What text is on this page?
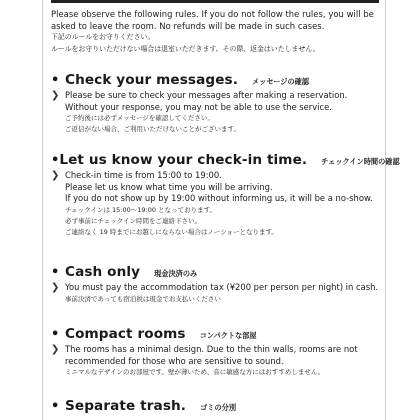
Please observe the following rules. If you do not follow the rules, you will be asked to leave the room. No refunds will be made in such cases.
下記のルールをお守りください。
ルールをお守りいただけない場合は退室いただきます。その際、返金はいたしません。
• Check your messages. メッセージの確認
❯ Please be sure to check your messages after making a reservation.
Without your response, you may not be able to use the service.
ご予約後には必ずメッセージを確認してください。
ご返信がない場合、ご利用いただけないことがございます。
• Let us know your check-in time. チェックイン時間の確認
❯ Check-in time is from 15:00 to 19:00.
Please let us know what time you will be arriving.
If you do not show up by 19:00 without informing us, it will be a no-show.
チェックインは 15:00〜19:00 となっております。
必ず事前にチェックイン時間をご連絡下さい。
ご連絡なく 19 時までにお越しにならない場合はノーショーとなります。
• Cash only 現金決済のみ
❯ You must pay the accommodation tax (¥200 per person per night) in cash.
事前決済であっても宿泊税は現金でお支払いください
• Compact rooms コンパクトな部屋
❯ The rooms has a minimal design. Due to the thin walls, rooms are not
recommended for those who are sensitive to sound.
ミニマルなデザインのお部屋です。壁が薄いため、音に敏感な方にはおすすめしません。
• Separate trash. ゴミの分別
